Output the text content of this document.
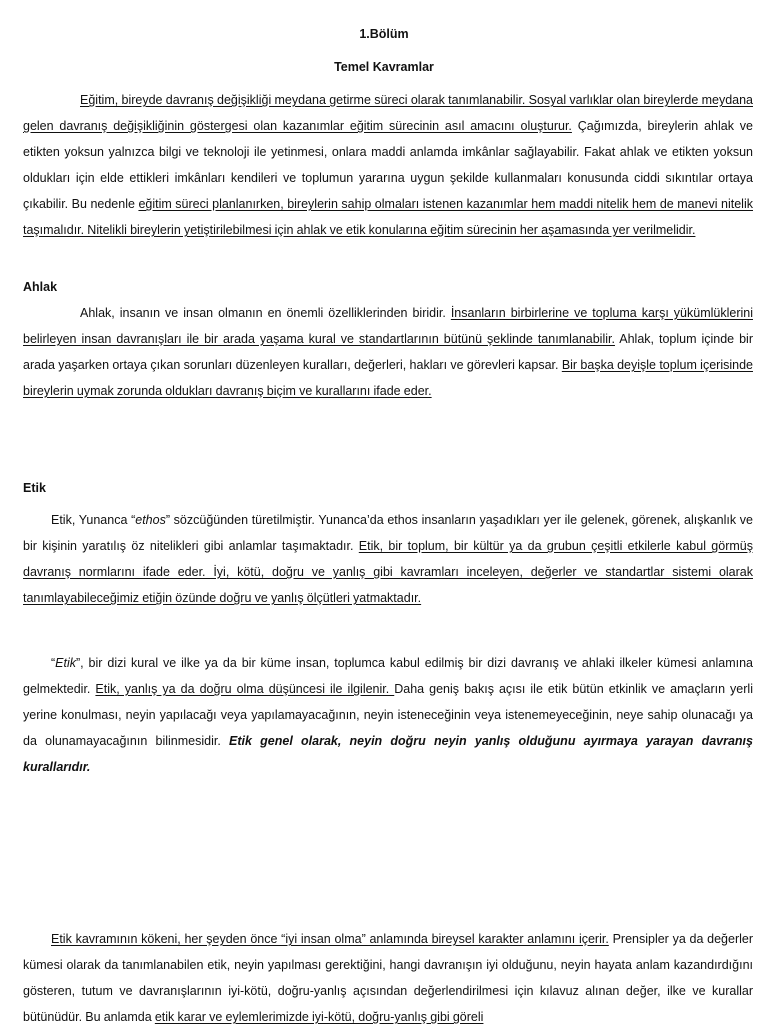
1.Bölüm
Temel Kavramlar

Eğitim, bireyde davranış değişikliği meydana getirme süreci olarak tanımlanabilir. Sosyal varlıklar olan bireylerde meydana gelen davranış değişikliğinin göstergesi olan kazanımlar eğitim sürecinin asıl amacını oluşturur. Çağımızda, bireylerin ahlak ve etikten yoksun yalnızca bilgi ve teknoloji ile yetinmesi, onlara maddi anlamda imkânlar sağlayabilir. Fakat ahlak ve etikten yoksun oldukları için elde ettikleri imkânları kendileri ve toplumun yararına uygun şekilde kullanmaları konusunda ciddi sıkıntılar ortaya çıkabilir. Bu nedenle eğitim süreci planlanırken, bireylerin sahip olmaları istenen kazanımlar hem maddi nitelik hem de manevi nitelik taşımalıdır. Nitelikli bireylerin yetiştirilebilmesi için ahlak ve etik konularına eğitim sürecinin her aşamasında yer verilmelidir.

Ahlak

Ahlak, insanın ve insan olmanın en önemli özelliklerinden biridir. İnsanların birbirlerine ve topluma karşı yükümlüklerini belirleyen insan davranışları ile bir arada yaşama kural ve standartlarının bütünü şeklinde tanımlanabilir. Ahlak, toplum içinde bir arada yaşarken ortaya çıkan sorunları düzenleyen kuralları, değerleri, hakları ve görevleri kapsar. Bir başka deyişle toplum içerisinde bireylerin uymak zorunda oldukları davranış biçim ve kurallarını ifade eder.

Etik

Etik, Yunanca “ethos” sözcüğünden türetilmiştir. Yunanca’da ethos insanların yaşadıkları yer ile gelenek, görenek, alışkanlık ve bir kişinin yaratılış öz nitelikleri gibi anlamlar taşımaktadır. Etik, bir toplum, bir kültür ya da grubun çeşitli etkilerle kabul görmüş davranış normlarını ifade eder. İyi, kötü, doğru ve yanlış gibi kavramları inceleyen, değerler ve standartlar sistemi olarak tanımlayabileceğimiz etiğin özünde doğru ve yanlış ölçütleri yatmaktadır.

“Etik”, bir dizi kural ve ilke ya da bir küme insan, toplumca kabul edilmiş bir dizi davranış ve ahlaki ilkeler kümesi anlamına gelmektedir. Etik, yanlış ya da doğru olma düşüncesi ile ilgilenir. Daha geniş bakış açısı ile etik bütün etkinlik ve amaçların yerli yerine konulması, neyin yapılacağı veya yapılamayacağının, neyin isteneceğinin veya istenemeyeceğinin, neye sahip olunacağı ya da olunamayacağının bilinmesidir. Etik genel olarak, neyin doğru neyin yanlış olduğunu ayırmaya yarayan davranış kurallarıdır.

Etik kavramının kökeni, her şeyden önce “iyi insan olma” anlamında bireysel karakter anlamını içerir. Prensipler ya da değerler kümesi olarak da tanımlanabilen etik, neyin yapılması gerektiğini, hangi davranışın iyi olduğunu, neyin hayata anlam kazandırdığını gösteren, tutum ve davranışlarının iyi-kötü, doğru-yanlış açısından değerlendirilmesi için kılavuz alınan değer, ilke ve kurallar bütünüdür. Bu anlamda etik karar ve eylemlerimizde iyi-kötü, doğru-yanlış gibi göreli
